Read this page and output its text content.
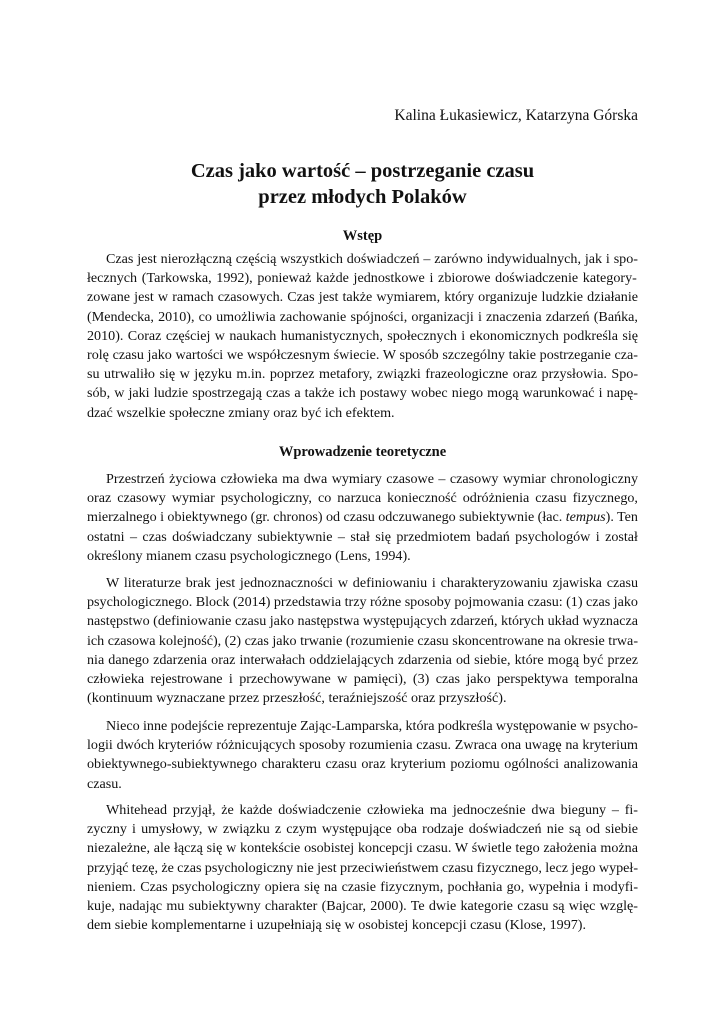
Kalina Łukasiewicz, Katarzyna Górska
Czas jako wartość – postrzeganie czasu
przez młodych Polaków
Wstęp
Czas jest nierozłączną częścią wszystkich doświadczeń – zarówno indywidualnych, jak i spo-
łecznych (Tarkowska, 1992), ponieważ każde jednostkowe i zbiorowe doświadczenie kategory-
zowane jest w ramach czasowych. Czas jest także wymiarem, który organizuje ludzkie działanie
(Mendecka, 2010), co umożliwia zachowanie spójności, organizacji i znaczenia zdarzeń (Bańka,
2010). Coraz częściej w naukach humanistycznych, społecznych i ekonomicznych podkreśla się
rolę czasu jako wartości we współczesnym świecie. W sposób szczególny takie postrzeganie cza-
su utrwaliło się w języku m.in. poprzez metafory, związki frazeologiczne oraz przysłowia. Spo-
sób, w jaki ludzie spostrzegają czas a także ich postawy wobec niego mogą warunkować i napę-
dzać wszelkie społeczne zmiany oraz być ich efektem.
Wprowadzenie teoretyczne
Przestrzeń życiowa człowieka ma dwa wymiary czasowe – czasowy wymiar chronologiczny
oraz czasowy wymiar psychologiczny, co narzuca konieczność odróżnienia czasu fizycznego,
mierzalnego i obiektywnego (gr. chronos) od czasu odczuwanego subiektywnie (łac. tempus). Ten
ostatni – czas doświadczany subiektywnie – stał się przedmiotem badań psychologów i został
określony mianem czasu psychologicznego (Lens, 1994).
W literaturze brak jest jednoznaczności w definiowaniu i charakteryzowaniu zjawiska czasu
psychologicznego. Block (2014) przedstawia trzy różne sposoby pojmowania czasu: (1) czas jako
następstwo (definiowanie czasu jako następstwa występujących zdarzeń, których układ wyznacza
ich czasowa kolejność), (2) czas jako trwanie (rozumienie czasu skoncentrowane na okresie trwa-
nia danego zdarzenia oraz interwałach oddzielających zdarzenia od siebie, które mogą być przez
człowieka rejestrowane i przechowywane w pamięci), (3) czas jako perspektywa temporalna
(kontinuum wyznaczane przez przeszłość, teraźniejszość oraz przyszłość).
Nieco inne podejście reprezentuje Zając-Lamparska, która podkreśla występowanie w psycho-
logii dwóch kryteriów różnicujących sposoby rozumienia czasu. Zwraca ona uwagę na kryterium
obiektywnego-subiektywnego charakteru czasu oraz kryterium poziomu ogólności analizowania
czasu.
Whitehead przyjął, że każde doświadczenie człowieka ma jednocześnie dwa bieguny – fi-
zyczny i umysłowy, w związku z czym występujące oba rodzaje doświadczeń nie są od siebie
niezależne, ale łączą się w kontekście osobistej koncepcji czasu. W świetle tego założenia można
przyjąć tezę, że czas psychologiczny nie jest przeciwieństwem czasu fizycznego, lecz jego wypeł-
nieniem. Czas psychologiczny opiera się na czasie fizycznym, pochłania go, wypełnia i modyfi-
kuje, nadając mu subiektywny charakter (Bajcar, 2000). Te dwie kategorie czasu są więc wzglę-
dem siebie komplementarne i uzupełniają się w osobistej koncepcji czasu (Klose, 1997).
